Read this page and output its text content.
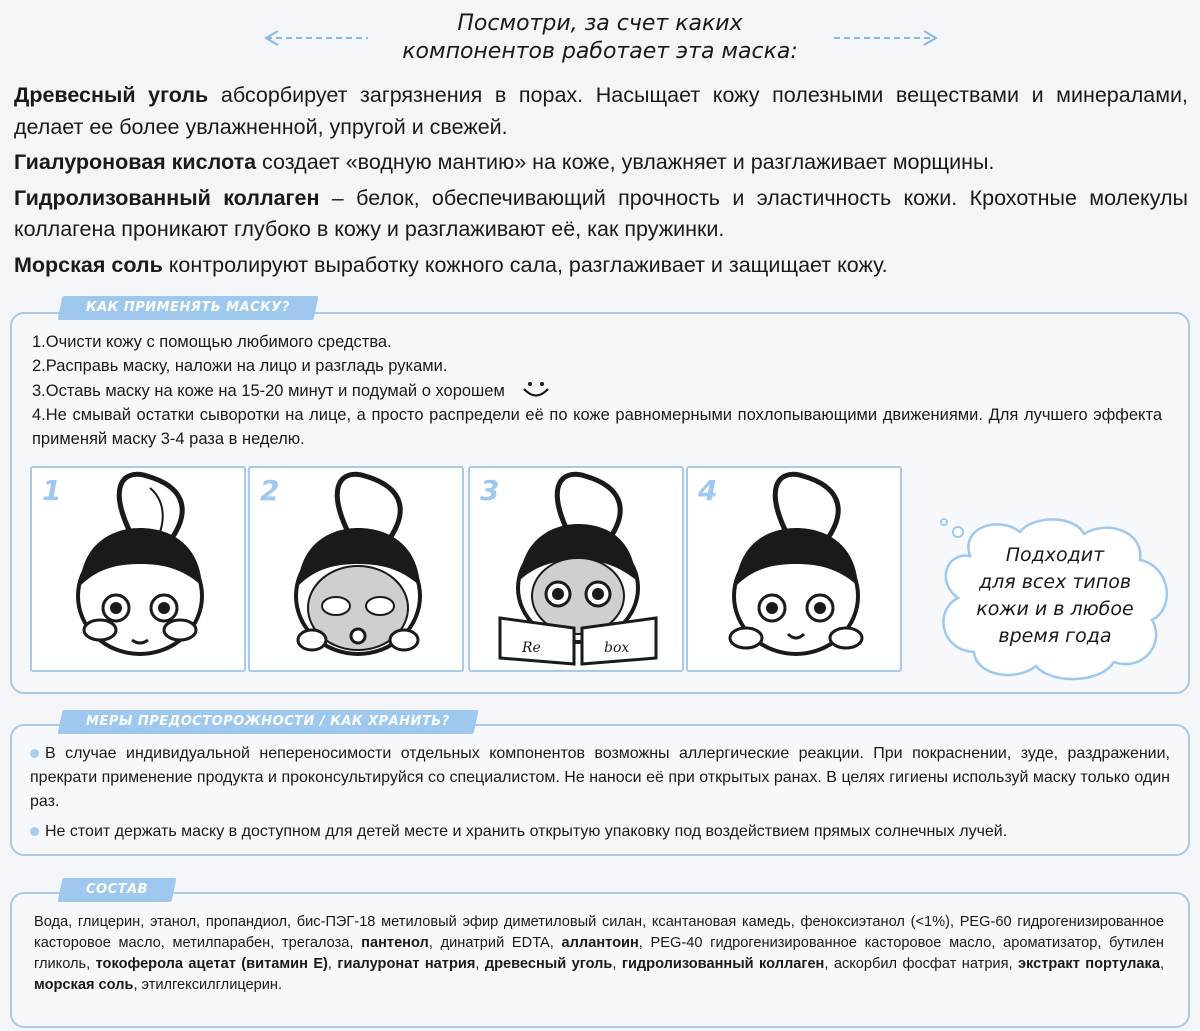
Посмотри, за счет каких
компонентов работает эта маска:

Древесный уголь абсорбирует загрязнения в порах. Насыщает кожу полезными веществами и минералами, делает ее более увлажненной, упругой и свежей.

Гиалуроновая кислота создает «водную мантию» на коже, увлажняет и разглаживает морщины.

Гидролизованный коллаген – белок, обеспечивающий прочность и эластичность кожи. Крохотные молекулы коллагена проникают глубоко в кожу и разглаживают её, как пружинки.

Морская соль контролируют выработку кожного сала, разглаживает и защищает кожу.

КАК ПРИМЕНЯТЬ МАСКУ?
1.Очисти кожу с помощью любимого средства.
2.Расправь маску, наложи на лицо и разгладь руками.
3.Оставь маску на коже на 15-20 минут и подумай о хорошем
4.Не смывай остатки сыворотки на лице, а просто распредели её по коже равномерными похлопывающими движениями. Для лучшего эффекта применяй маску 3-4 раза в неделю.
1	2	3
Re	box
4
Подходит
для всех типов
кожи и в любое
время года
МЕРЫ ПРЕДОСТОРОЖНОСТИ / КАК ХРАНИТЬ?
В случае индивидуальной непереносимости отдельных компонентов возможны аллергические реакции. При покраснении, зуде, раздражении, прекрати применение продукта и проконсультируйся со специалистом. Не наноси её при открытых ранах. В целях гигиены используй маску только один раз.
Не стоит держать маску в доступном для детей месте и хранить открытую упаковку под воздействием прямых солнечных лучей.
СОСТАВ
Вода, глицерин, этанол, пропандиол, бис-ПЭГ-18 метиловый эфир диметиловый силан, ксантановая камедь, феноксиэтанол (<1%), PEG-60 гидрогенизированное касторовое масло, метилпарабен, трегалоза, пантенол, динатрий EDTA, аллантоин, PEG-40 гидрогенизированное касторовое масло, ароматизатор, бутилен гликоль, токоферола ацетат (витамин Е), гиалуронат натрия, древесный уголь, гидролизованный коллаген, аскорбил фосфат натрия, экстракт портулака, морская соль, этилгексилглицерин.
